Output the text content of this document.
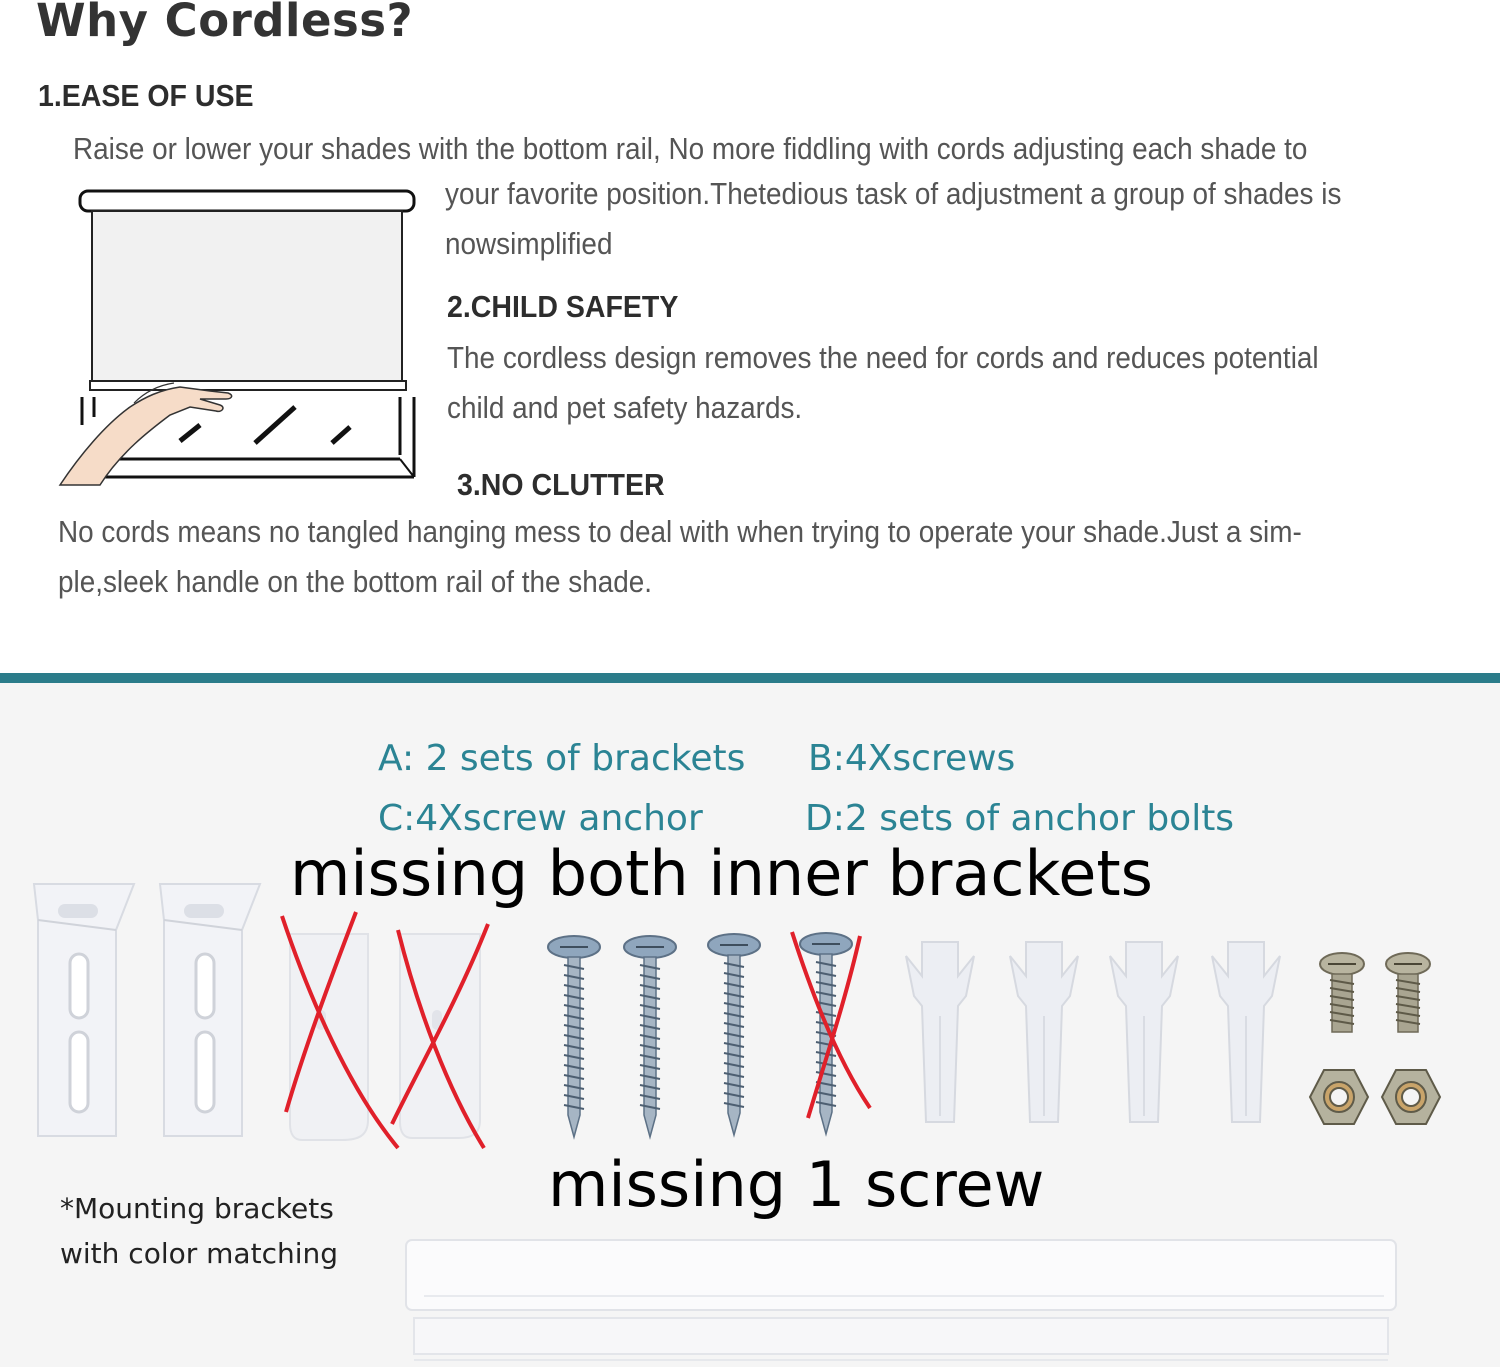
Why Cordless?
1.EASE OF USE
Raise or lower your shades with the bottom rail, No more fiddling with cords adjusting each shade to
your favorite position.Thetedious task of adjustment a group of shades is
nowsimplified
2.CHILD SAFETY
The cordless design removes the need for cords and reduces potential
child and pet safety hazards.
3.NO CLUTTER
No cords means no tangled hanging mess to deal with when trying to operate your shade.Just a sim-
ple,sleek handle on the bottom rail of the shade.
A: 2 sets of brackets B:4Xscrews
C:4Xscrew anchor	D:2 sets of anchor bolts
missing both inner brackets
missing 1 screw
*Mounting brackets
with color matching
